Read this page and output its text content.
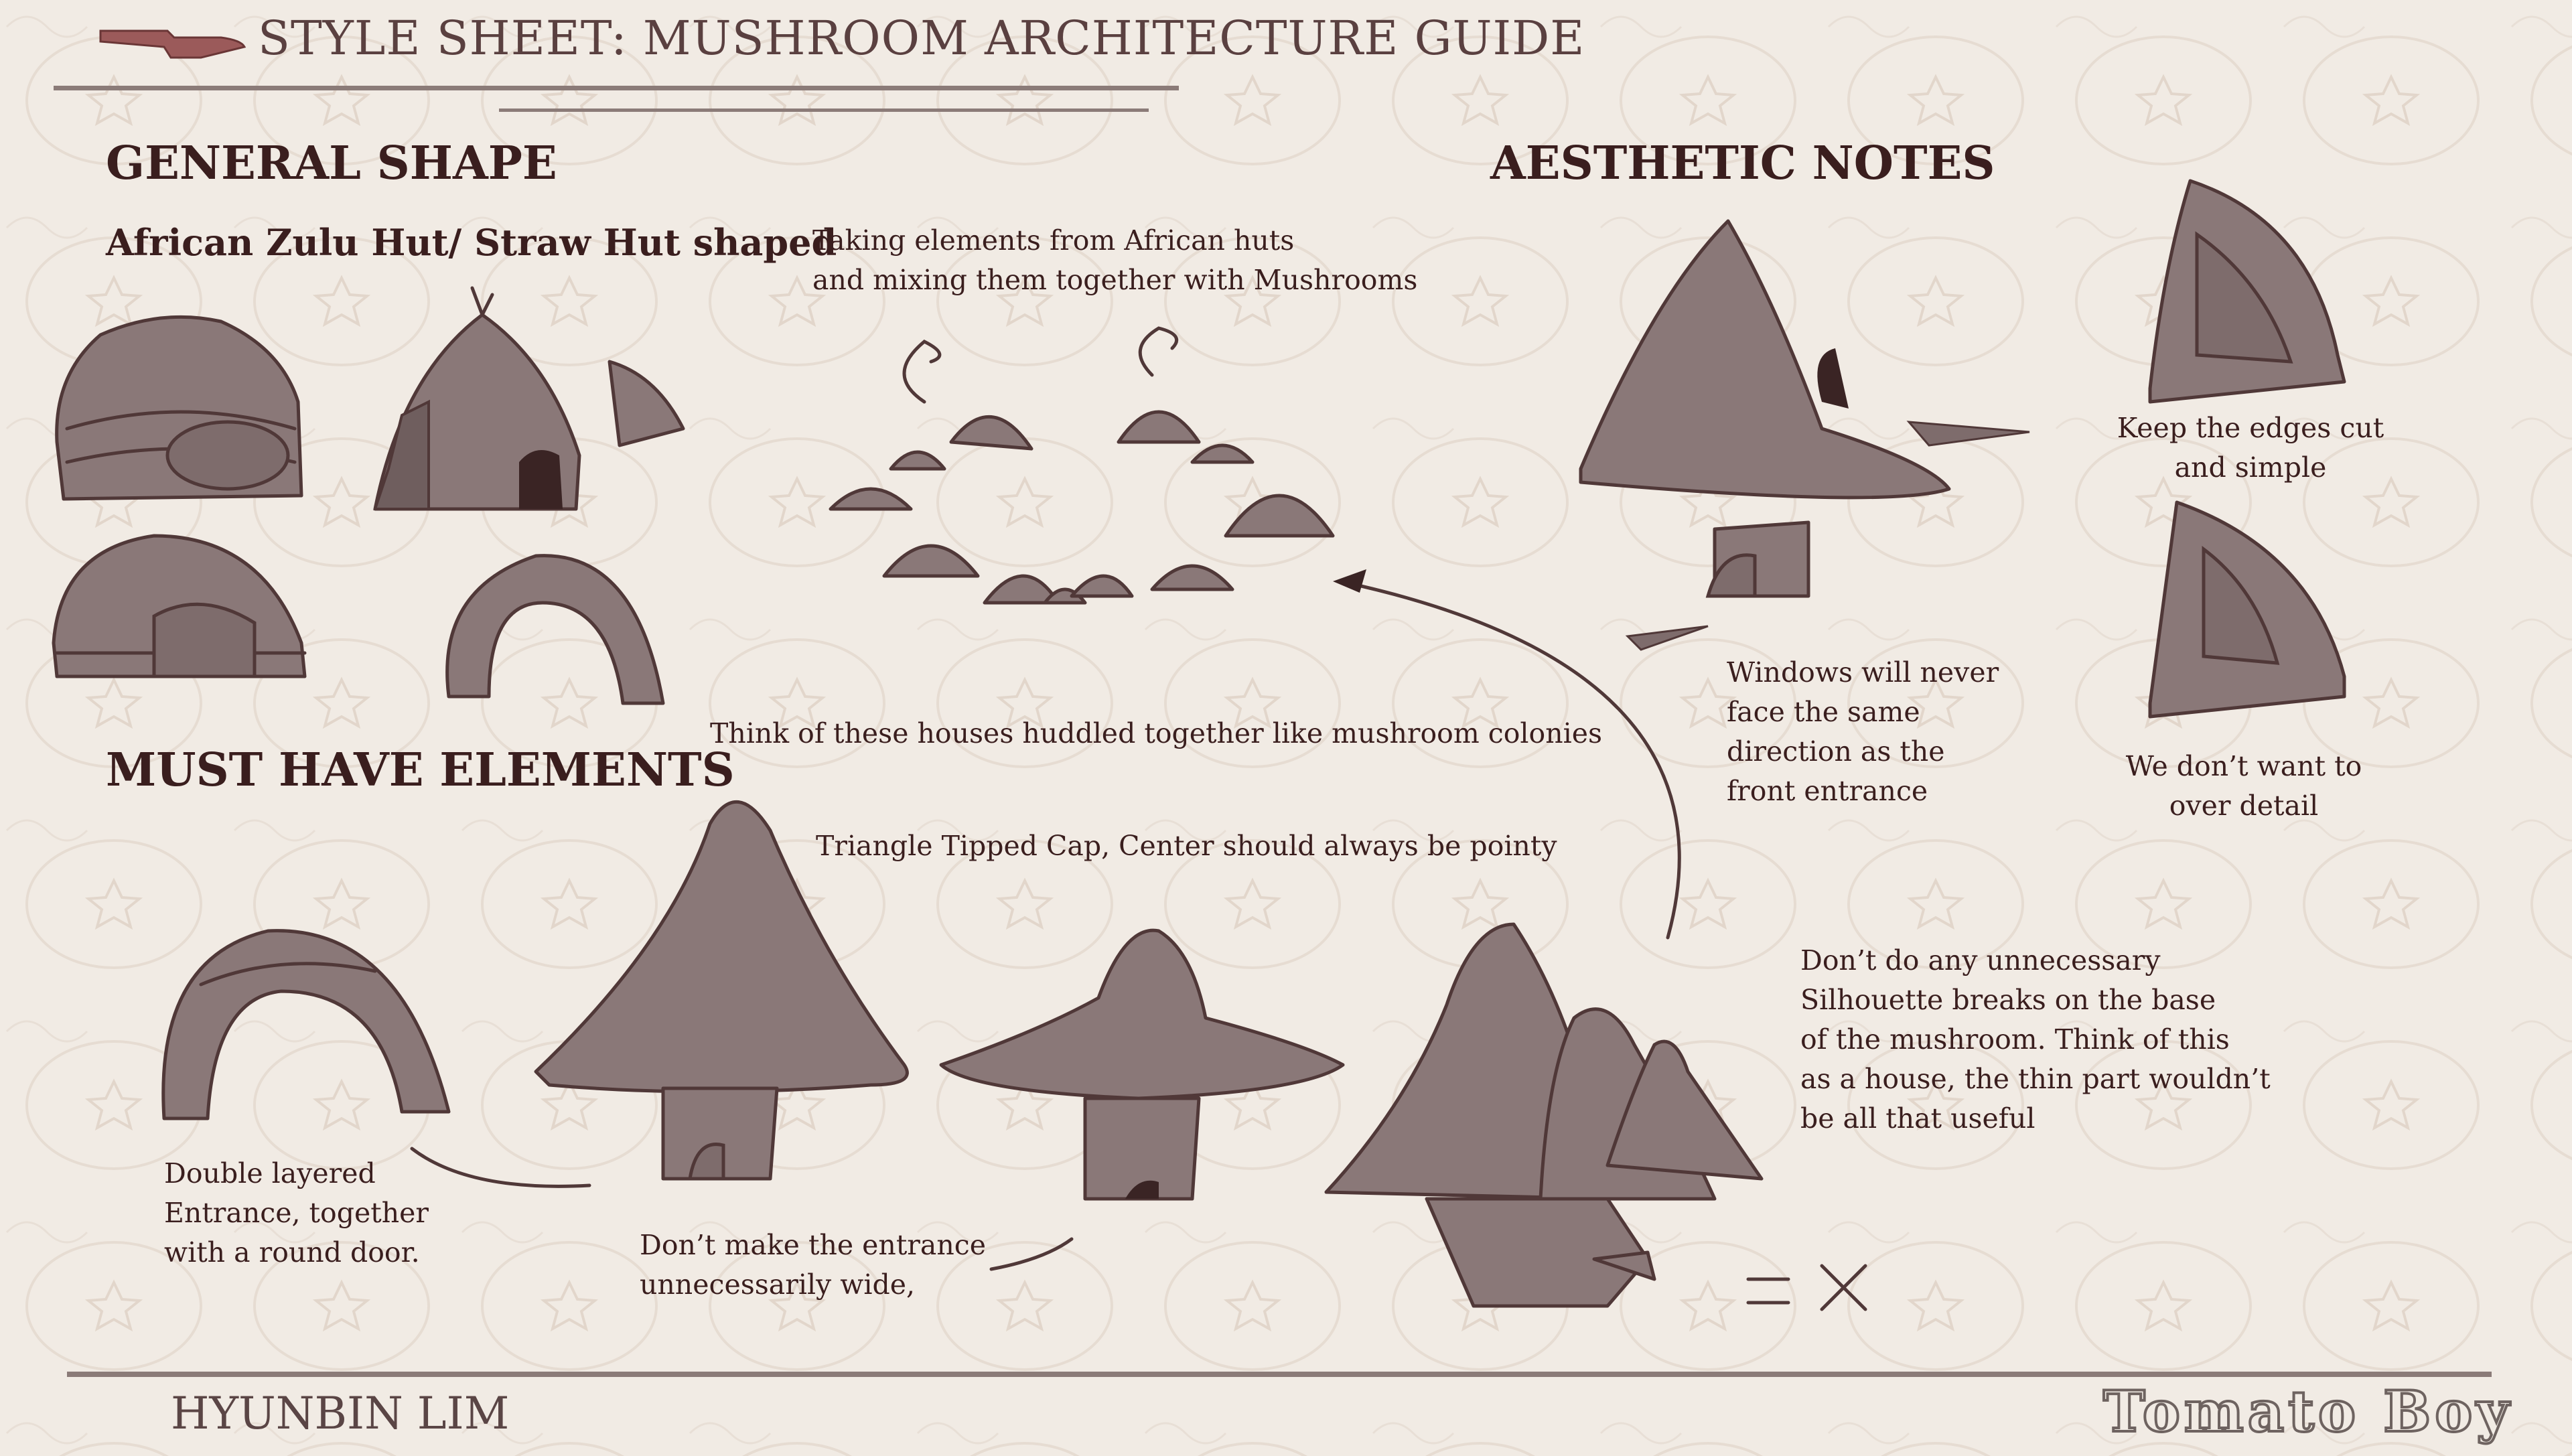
STYLE SHEET: MUSHROOM ARCHITECTURE GUIDE
GENERAL SHAPE
African Zulu Hut/ Straw Hut shaped
Taking elements from African huts
and mixing them together with Mushrooms
Think of these houses huddled together like mushroom colonies
AESTHETIC NOTES
Windows will never
face the same
direction as the
front entrance
Keep the edges cut
and simple
We don’t want to
over detail
MUST HAVE ELEMENTS
Triangle Tipped Cap, Center should always be pointy
Double layered
Entrance, together
with a round door.	Don’t make the entrance
unnecessarily wide,
Don’t do any unnecessary
Silhouette breaks on the base
of the mushroom. Think of this
as a house, the thin part wouldn’t
be all that useful
HYUNBIN LIM	Tomato Boy
